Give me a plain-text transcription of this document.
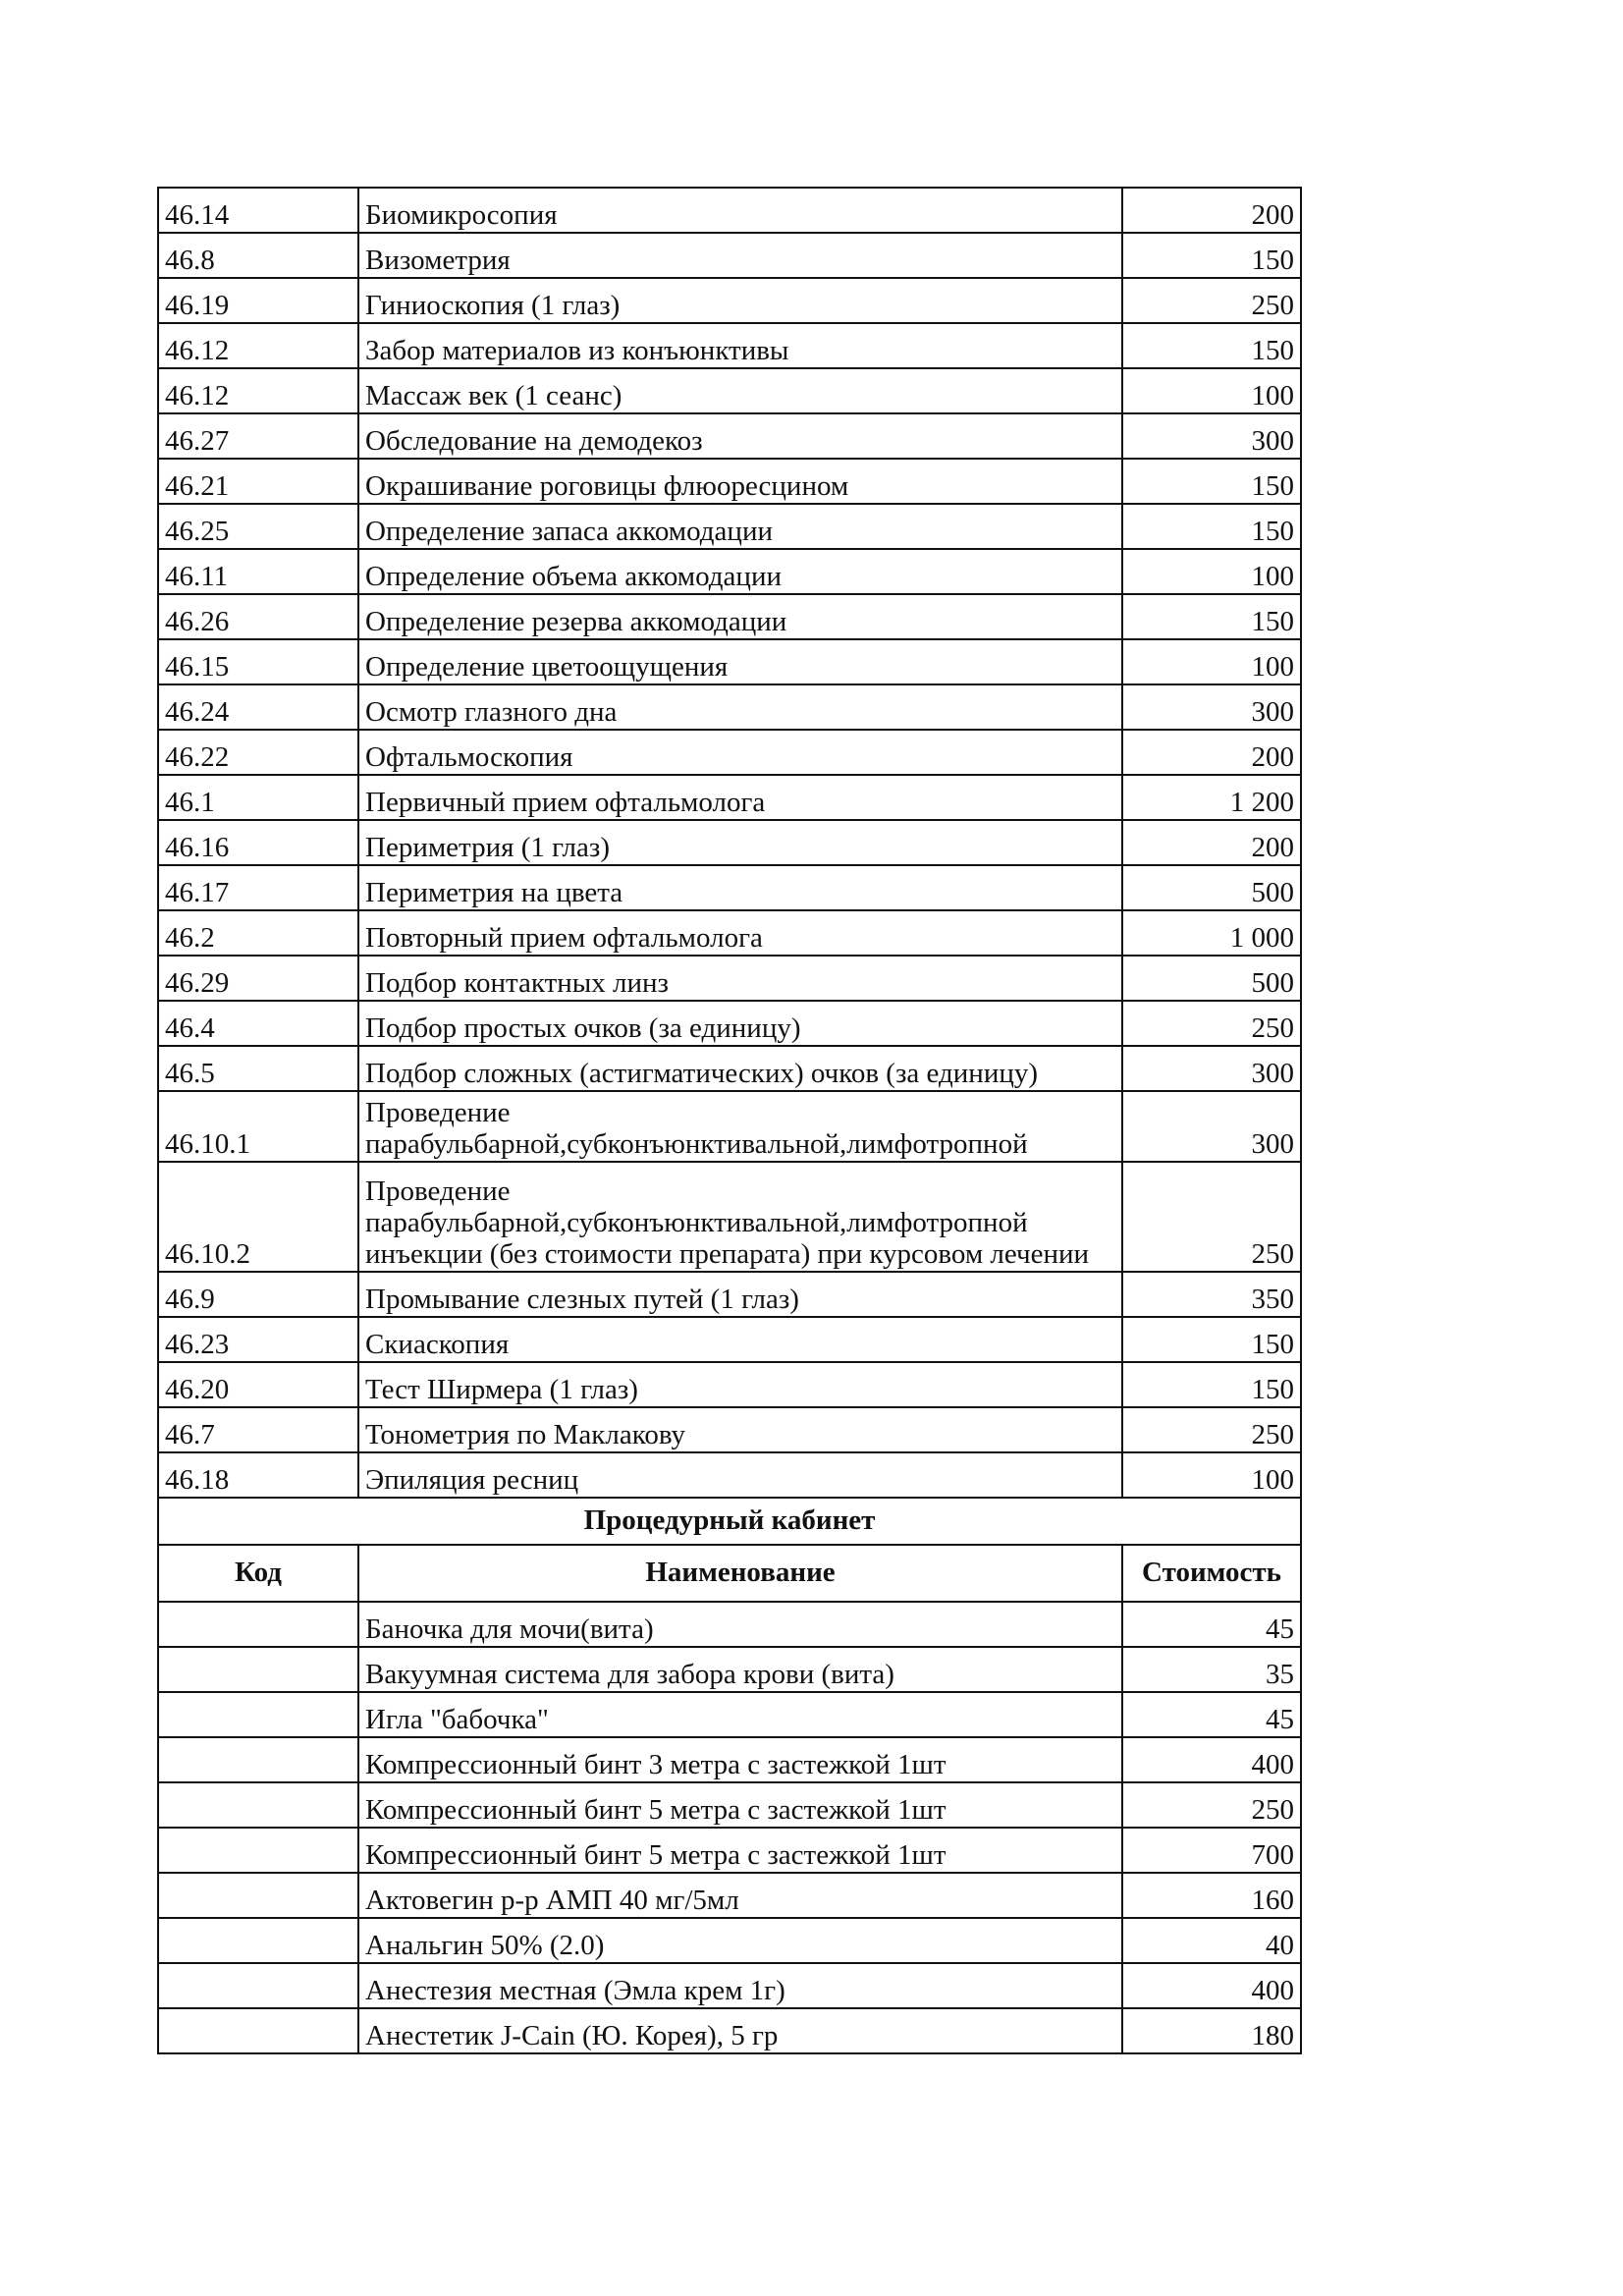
46.14	Биомикросопия	200
46.8	Визометрия	150
46.19	Гиниоскопия (1 глаз)	250
46.12	Забор материалов из конъюнктивы	150
46.12	Массаж век (1 сеанс)	100
46.27	Обследование на демодекоз	300
46.21	Окрашивание роговицы флюоресцином	150
46.25	Определение запаса аккомодации	150
46.11	Определение объема аккомодации	100
46.26	Определение резерва аккомодации	150
46.15	Определение цветоощущения	100
46.24	Осмотр глазного дна	300
46.22	Офтальмоскопия	200
46.1	Первичный прием офтальмолога	1 200
46.16	Периметрия (1 глаз)	200
46.17	Периметрия на цвета	500
46.2	Повторный прием офтальмолога	1 000
46.29	Подбор контактных линз	500
46.4	Подбор простых очков (за единицу)	250
46.5	Подбор сложных (астигматических) очков (за единицу)	300
46.10.1	Проведение
парабульбарной,субконъюнктивальной,лимфотропной	300
46.10.2	Проведение
парабульбарной,субконъюнктивальной,лимфотропной
инъекции (без стоимости препарата) при курсовом лечении	250
46.9	Промывание слезных путей (1 глаз)	350
46.23	Скиаскопия	150
46.20	Тест Ширмера (1 глаз)	150
46.7	Тонометрия по Маклакову	250
46.18	Эпиляция ресниц	100
Процедурный кабинет		
Код	Наименование	Стоимость
	Баночка для мочи(вита)	45
	Вакуумная система для забора крови (вита)	35
	Игла "бабочка"	45
	Компрессионный бинт 3 метра с застежкой 1шт	400
	Компрессионный бинт 5 метра с застежкой 1шт	250
	Компрессионный бинт 5 метра с застежкой 1шт	700
	Актовегин р-р АМП 40 мг/5мл	160
	Анальгин 50% (2.0)	40
	Анестезия местная (Эмла крем 1г)	400
	Анестетик J-Cain (Ю. Корея), 5 гр	180
